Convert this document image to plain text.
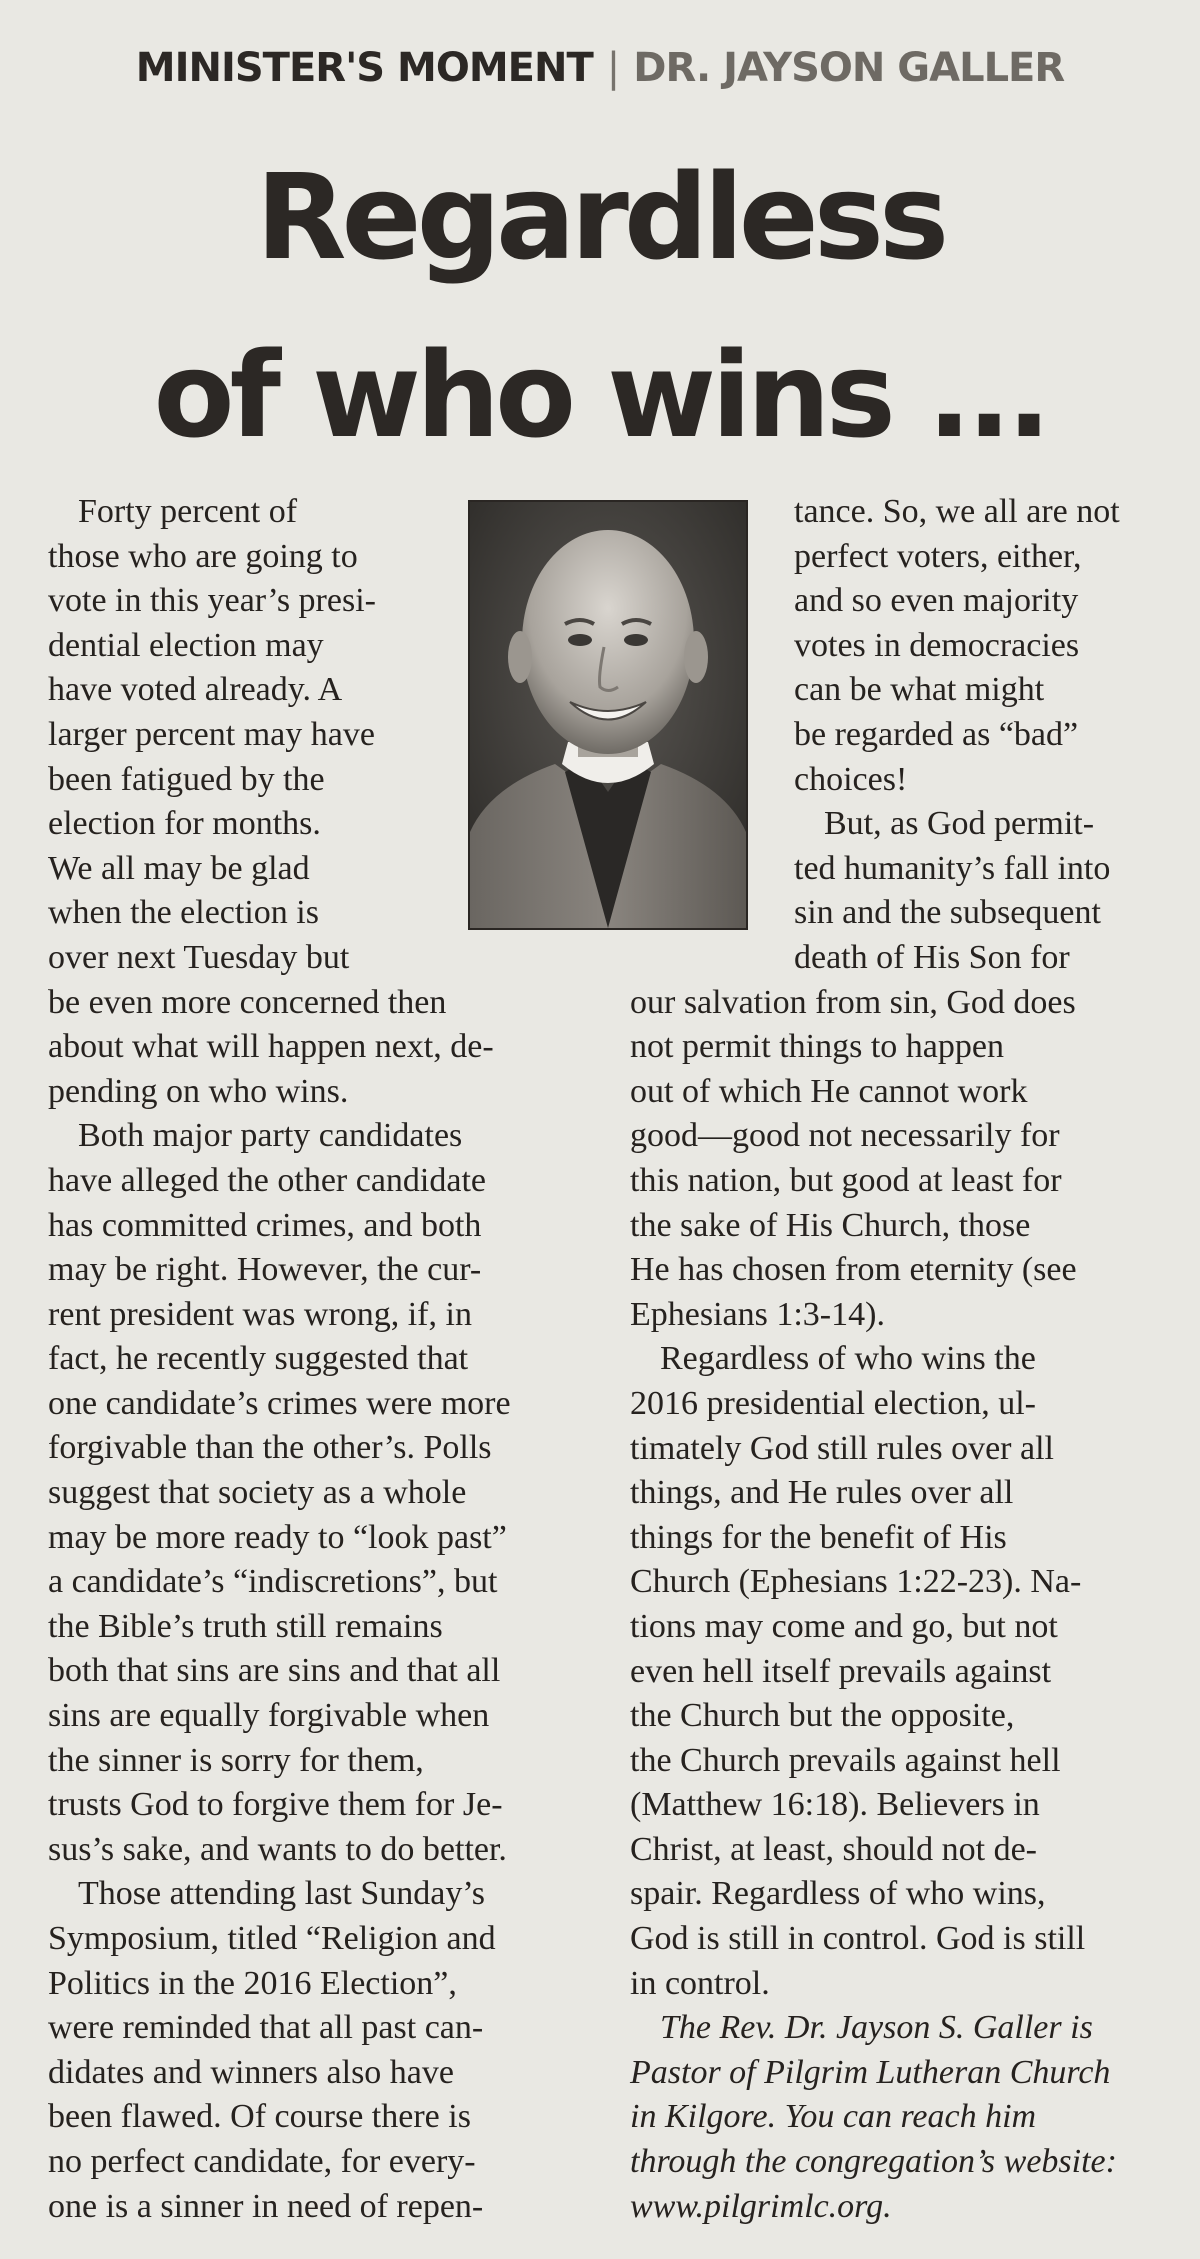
MINISTER'S MOMENT | DR. JAYSON GALLER
Regardless
of who wins ...

Forty percent of
those who are going to
vote in this year’s presi-
dential election may
have voted already. A
larger percent may have
been fatigued by the
election for months.
We all may be glad
when the election is
over next Tuesday but
be even more concerned then
about what will happen next, de-
pending on who wins.

Both major party candidates
have alleged the other candidate
has committed crimes, and both
may be right. However, the cur-
rent president was wrong, if, in
fact, he recently suggested that
one candidate’s crimes were more
forgivable than the other’s. Polls
suggest that society as a whole
may be more ready to “look past”
a candidate’s “indiscretions”, but
the Bible’s truth still remains
both that sins are sins and that all
sins are equally forgivable when
the sinner is sorry for them,
trusts God to forgive them for Je-
sus’s sake, and wants to do better.

Those attending last Sunday’s
Symposium, titled “Religion and
Politics in the 2016 Election”,
were reminded that all past can-
didates and winners also have
been flawed. Of course there is
no perfect candidate, for every-
one is a sinner in need of repen-

tance. So, we all are not
perfect voters, either,
and so even majority
votes in democracies
can be what might
be regarded as “bad”
choices!
But, as God permit-
ted humanity’s fall into
sin and the subsequent
death of His Son for

our salvation from sin, God does
not permit things to happen
out of which He cannot work
good—good not necessarily for
this nation, but good at least for
the sake of His Church, those
He has chosen from eternity (see
Ephesians 1:3-14).

Regardless of who wins the
2016 presidential election, ul-
timately God still rules over all
things, and He rules over all
things for the benefit of His
Church (Ephesians 1:22-23). Na-
tions may come and go, but not
even hell itself prevails against
the Church but the opposite,
the Church prevails against hell
(Matthew 16:18). Believers in
Christ, at least, should not de-
spair. Regardless of who wins,
God is still in control. God is still
in control.

The Rev. Dr. Jayson S. Galler is
Pastor of Pilgrim Lutheran Church
in Kilgore. You can reach him
through the congregation’s website:
www.pilgrimlc.org.
